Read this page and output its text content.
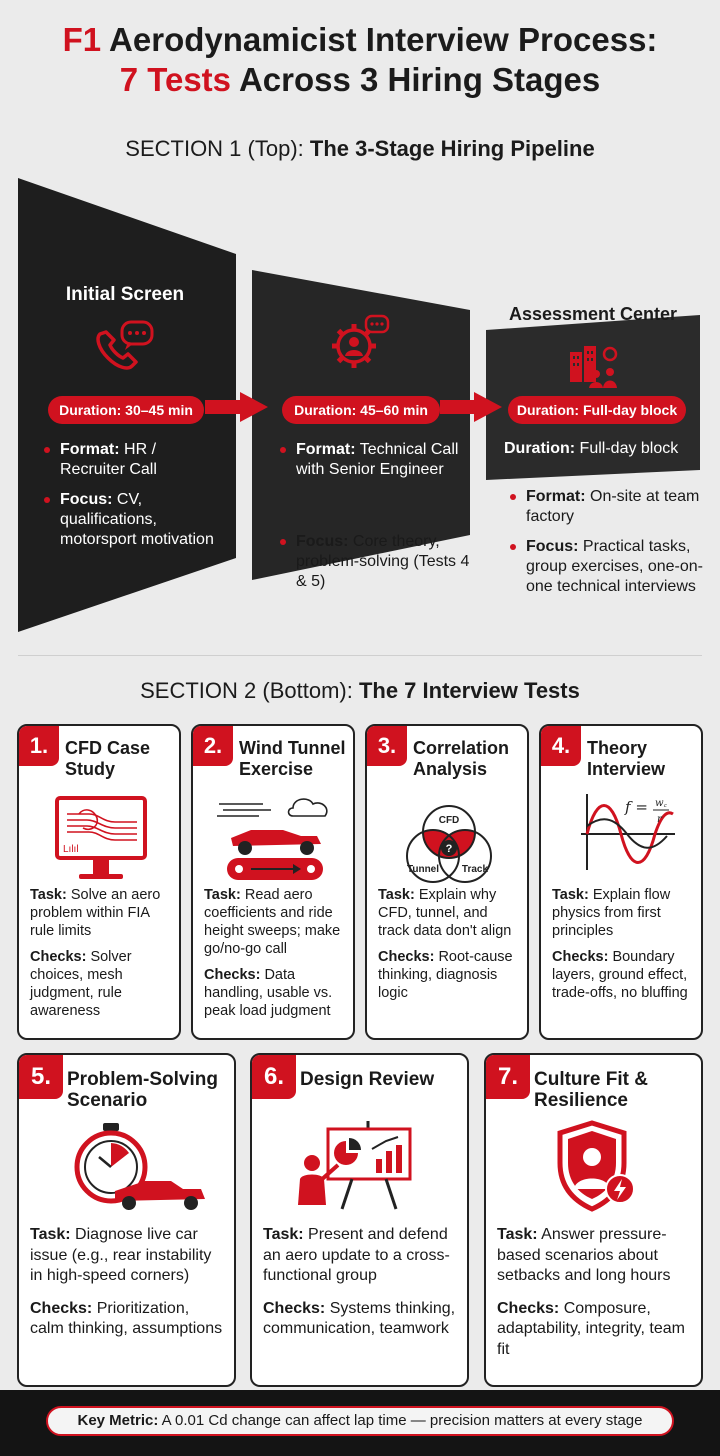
F1 Aerodynamicist Interview Process:
7 Tests Across 3 Hiring Stages
SECTION 1 (Top): The 3-Stage Hiring Pipeline
Initial Screen
Duration: 30–45 min
Format: HR / Recruiter Call
Focus: CV, qualifications, motorsport motivation
Duration: 45–60 min
Format: Technical Call with Senior Engineer
Focus: Core theory, problem-solving (Tests 4 & 5)
Assessment Center
Duration: Full-day block
Duration: Full-day block
Format: On-site at team factory
Focus: Practical tasks, group exercises, one-on-one technical interviews
SECTION 2 (Bottom): The 7 Interview Tests
1. CFD Case Study
Lılıl

Task: Solve an aero problem within FIA rule limits

Checks: Solver choices, mesh judgment, rule awareness

2. Wind Tunnel Exercise

Task: Read aero coefficients and ride height sweeps; make go/no-go call

Checks: Data handling, usable vs. peak load judgment

3. Correlation Analysis
?
CFD
Tunnel Track

Task: Explain why CFD, tunnel, and track data don't align

Checks: Root-cause thinking, diagnosis logic

4. Theory Interview
f = w꜀
r

Task: Explain flow physics from first principles

Checks: Boundary layers, ground effect, trade-offs, no bluffing

5. Problem-Solving Scenario

Task: Diagnose live car issue (e.g., rear instability in high-speed corners)

Checks: Prioritization, calm thinking, assumptions

6. Design Review

Task: Present and defend an aero update to a cross-functional group

Checks: Systems thinking, communication, teamwork

7. Culture Fit & Resilience

Task: Answer pressure-based scenarios about setbacks and long hours

Checks: Composure, adaptability, integrity, team fit

Key Metric: A 0.01 Cd change can affect lap time — precision matters at every stage
